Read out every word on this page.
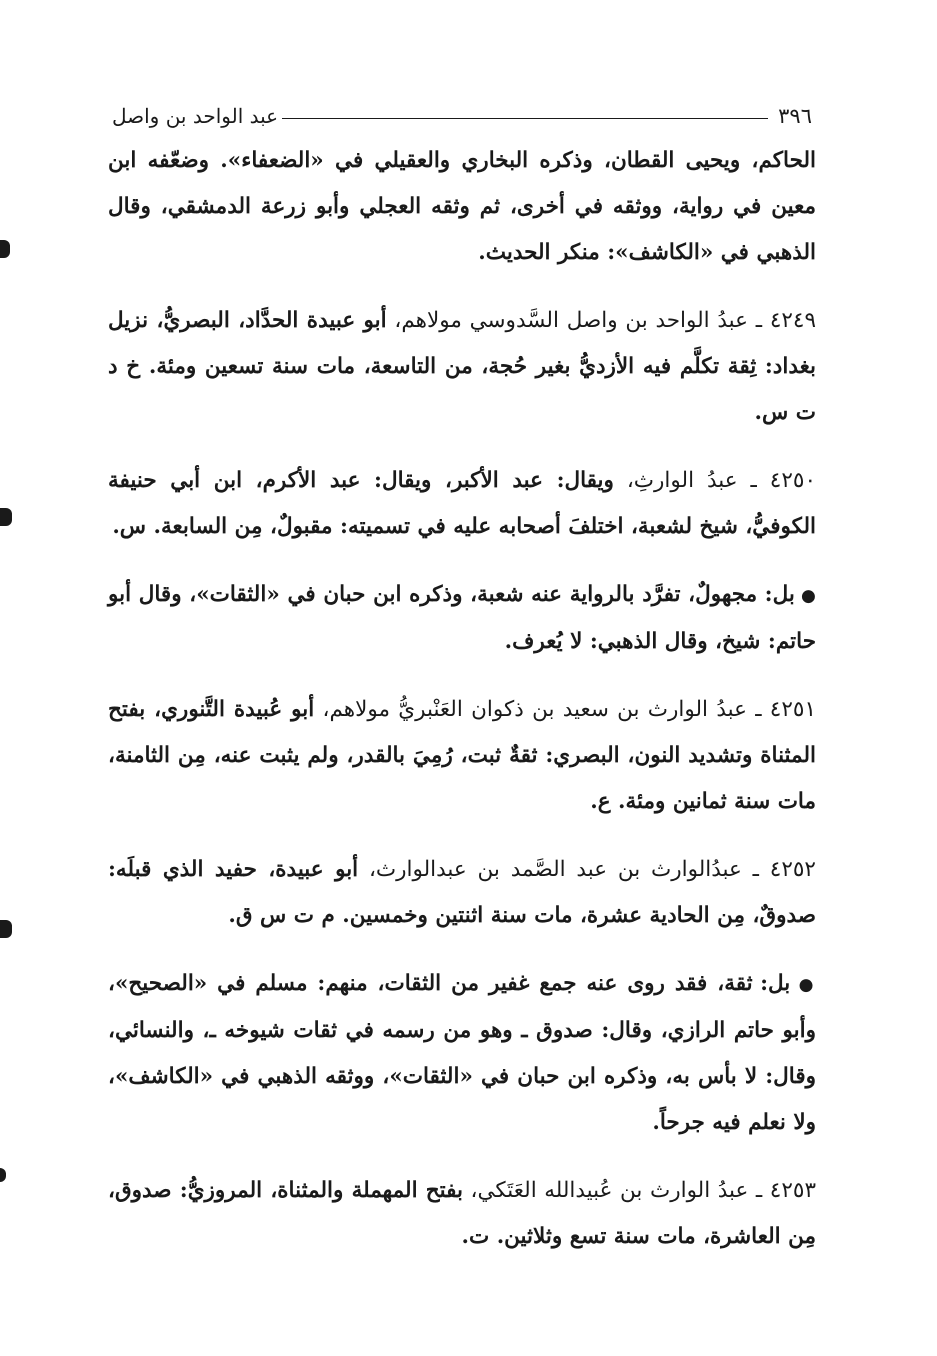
٣٩٦
عبد الواحد بن واصل

الحاكم، ويحيى القطان، وذكره البخاري والعقيلي في «الضعفاء». وضعّفه ابن معين في رواية، ووثقه في أخرى، ثم وثقه العجلي وأبو زرعة الدمشقي، وقال الذهبي في «الكاشف»: منكر الحديث.

٤٢٤٩ ـ عبدُ الواحد بن واصل السَّدوسي مولاهم، أبو عبيدة الحدَّاد، البصريُّ، نزيل بغداد: ثِقة تكلَّم فيه الأزديُّ بغير حُجة، من التاسعة، مات سنة تسعين ومئة. خ د ت س.

٤٢٥٠ ـ عبدُ الوارثِ، ويقال: عبد الأكبر، ويقال: عبد الأكرم، ابن أبي حنيفة الكوفيُّ، شيخ لشعبة، اختلفَ أصحابه عليه في تسميته: مقبولٌ، مِن السابعة. س.

● بل: مجهولٌ، تفرَّد بالرواية عنه شعبة، وذكره ابن حبان في «الثقات»، وقال أبو حاتم: شيخ، وقال الذهبي: لا يُعرف.

٤٢٥١ ـ عبدُ الوارث بن سعيد بن ذكوان العَنْبريُّ مولاهم، أبو عُبيدة التَّنوري، بفتح المثناة وتشديد النون، البصري: ثقةٌ ثبت، رُمِيَ بالقدر، ولم يثبت عنه، مِن الثامنة، مات سنة ثمانين ومئة. ع.

٤٢٥٢ ـ عبدُالوارث بن عبد الصَّمد بن عبدالوارث، أبو عبيدة، حفيد الذي قبلَه: صدوقٌ، مِن الحادية عشرة، مات سنة اثنتين وخمسين. م ت س ق.

● بل: ثقة، فقد روى عنه جمع غفير من الثقات، منهم: مسلم في «الصحيح»، وأبو حاتم الرازي، وقال: صدوق ـ وهو من رسمه في ثقات شيوخه ـ، والنسائي، وقال: لا بأس به، وذكره ابن حبان في «الثقات»، ووثقه الذهبي في «الكاشف»، ولا نعلم فيه جرحاً.

٤٢٥٣ ـ عبدُ الوارث بن عُبيدالله العَتَكي، بفتح المهملة والمثناة، المروزيُّ: صدوق، مِن العاشرة، مات سنة تسع وثلاثين. ت.
